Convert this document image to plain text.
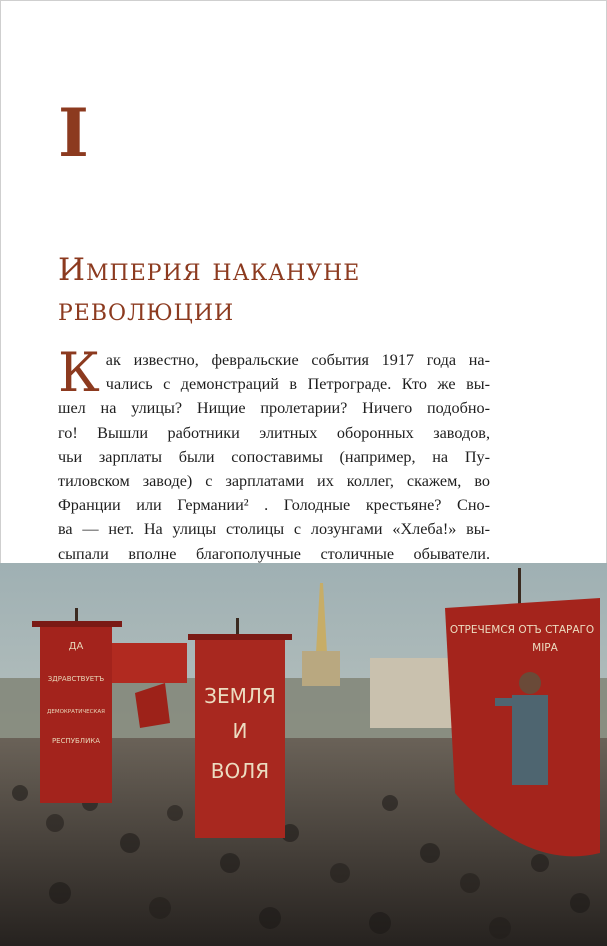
I
Империя накануне
революции
К ак известно, февральские события 1917 года на-
чались с демонстраций в Петрограде. Кто же вы-
шел на улицы? Нищие пролетарии? Ничего подобно-
го! Вышли работники элитных оборонных заводов,
чьи зарплаты были сопоставимы (например, на Пу-
тиловском заводе) с зарплатами их коллег, скажем, во
Франции или Германии² . Голодные крестьяне? Сно-
ва — нет. На улицы столицы с лозунгами «Хлеба!» вы-
сыпали вполне благополучные столичные обыватели.
ДА
ЗДРАВСТВУЕТЪ
ДЕМОКРАТИЧЕСКАЯ
РЕСПУБЛИКА
ЗЕМЛЯ
И
ВОЛЯ
ОТРЕЧЕМСЯ ОТЪ СТАРАГО
МІРА
